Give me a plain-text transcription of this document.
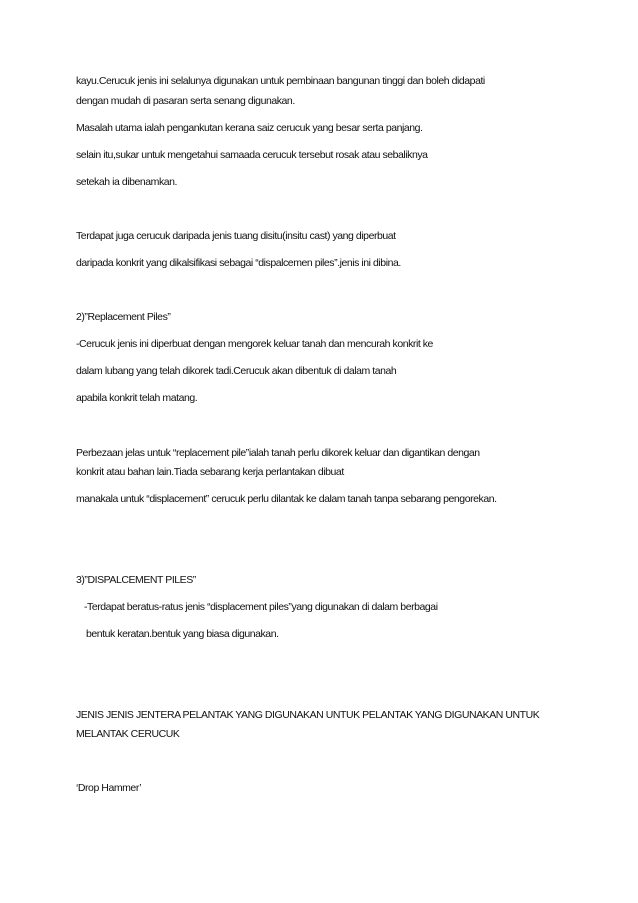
kayu.Cerucuk jenis ini selalunya digunakan untuk pembinaan bangunan tinggi dan boleh didapati
dengan mudah di pasaran serta senang digunakan.
Masalah utama ialah pengankutan kerana saiz cerucuk yang besar serta panjang.
selain itu,sukar untuk mengetahui samaada cerucuk tersebut rosak atau sebaliknya
setekah ia dibenamkan.
Terdapat juga cerucuk daripada jenis tuang disitu(insitu cast) yang diperbuat
daripada konkrit yang dikalsifikasi sebagai “dispalcemen piles”.jenis ini dibina.
2)”Replacement Piles”
-Cerucuk jenis ini diperbuat dengan mengorek keluar tanah dan mencurah konkrit ke
dalam lubang yang telah dikorek tadi.Cerucuk akan dibentuk di dalam tanah
apabila konkrit telah matang.
Perbezaan jelas untuk “replacement pile”ialah tanah perlu dikorek keluar dan digantikan dengan
konkrit atau bahan lain.Tiada sebarang kerja perlantakan dibuat
manakala untuk “displacement” cerucuk perlu dilantak ke dalam tanah tanpa sebarang pengorekan.
3)”DISPALCEMENT PILES”
-Terdapat beratus-ratus jenis “displacement piles”yang digunakan di dalam berbagai
bentuk keratan.bentuk yang biasa digunakan.
JENIS JENIS JENTERA PELANTAK YANG DIGUNAKAN UNTUK PELANTAK YANG DIGUNAKAN UNTUK
MELANTAK CERUCUK
‘Drop Hammer’
